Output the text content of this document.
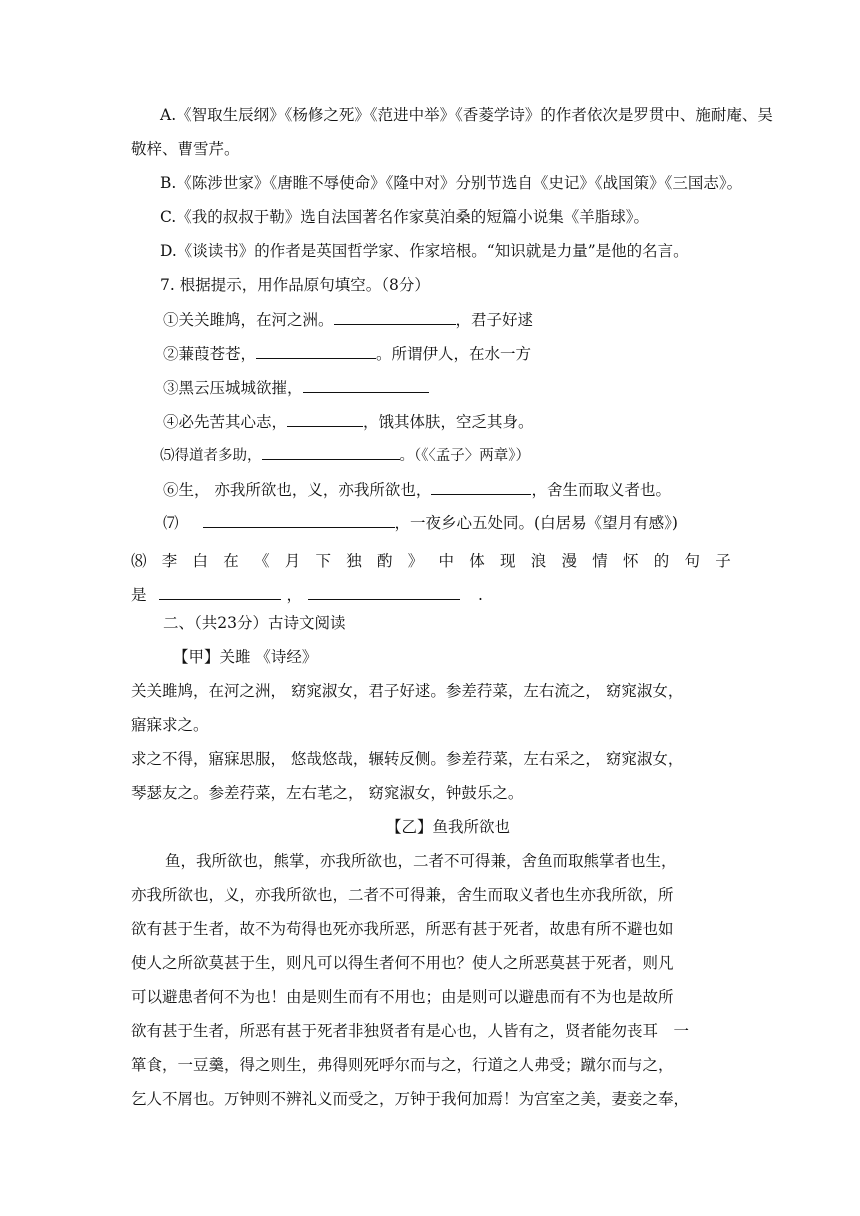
A.《智取生辰纲》《杨修之死》《范进中举》《香菱学诗》的作者依次是罗贯中、施耐庵、吴
敬梓、曹雪芹。
B.《陈涉世家》《唐睢不辱使命》《隆中对》分别节选自《史记》《战国策》《三国志》。
C.《我的叔叔于勒》选自法国著名作家莫泊桑的短篇小说集《羊脂球》。
D.《谈读书》的作者是英国哲学家、作家培根。“知识就是力量”是他的名言。
7. 根据提示，用作品原句填空。（8分）
①关关雎鸠，在河之洲。	，君子好逑
②蒹葭苍苍，	。所谓伊人，在水一方
③黑云压城城欲摧，
④必先苦其心志，	，饿其体肤，空乏其身。
⑸得道者多助，	。（《〈孟子〉两章》）
⑥生， 亦我所欲也，义，亦我所欲也，	，舍生而取义者也。
⑺	，一夜乡心五处同。(白居易《望月有感》)
⑻ 李 白 在 《 月 下 独 酌 》 中 体 现 浪 漫 情 怀 的 句 子
是	，	.
二、（共23分）古诗文阅读
【甲】关雎 《诗经》
关关雎鸠，在河之洲， 窈窕淑女，君子好逑。参差荇菜，左右流之， 窈窕淑女，
寤寐求之。
求之不得，寤寐思服， 悠哉悠哉，辗转反侧。参差荇菜，左右采之， 窈窕淑女，
琴瑟友之。参差荇菜，左右芼之， 窈窕淑女，钟鼓乐之。
【乙】鱼我所欲也
鱼，我所欲也，熊掌，亦我所欲也，二者不可得兼，舍鱼而取熊掌者也生，
亦我所欲也，义，亦我所欲也，二者不可得兼，舍生而取义者也生亦我所欲，所
欲有甚于生者，故不为苟得也死亦我所恶，所恶有甚于死者，故患有所不避也如
使人之所欲莫甚于生，则凡可以得生者何不用也？使人之所恶莫甚于死者，则凡
可以避患者何不为也！由是则生而有不用也；由是则可以避患而有不为也是故所
欲有甚于生者，所恶有甚于死者非独贤者有是心也，人皆有之，贤者能勿丧耳　一
箪食，一豆羹，得之则生，弗得则死呼尔而与之，行道之人弗受；蹴尔而与之，
乞人不屑也。万钟则不辨礼义而受之，万钟于我何加焉！为宫室之美，妻妾之奉，
